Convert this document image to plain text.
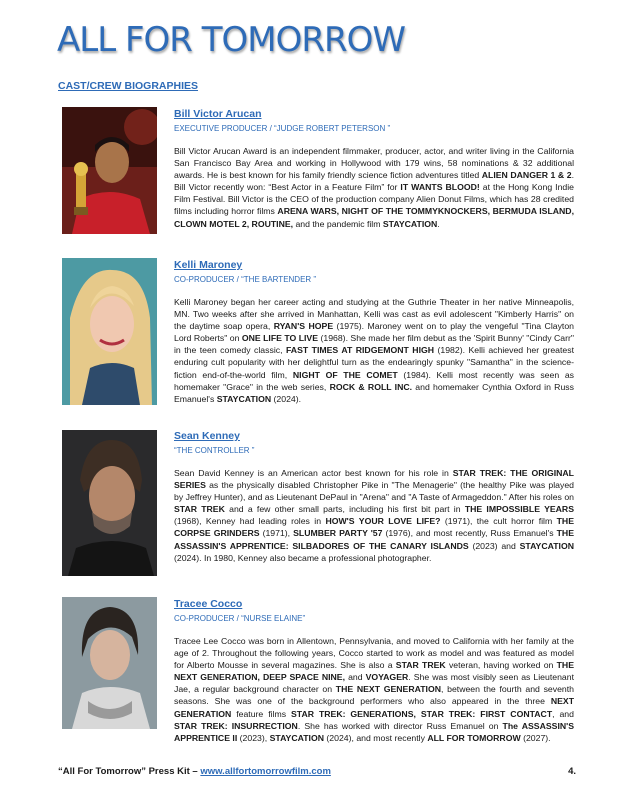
ALL FOR TOMORROW
CAST/CREW BIOGRAPHIES
Bill Victor Arucan
EXECUTIVE PRODUCER / “JUDGE ROBERT PETERSON ”
Bill Victor Arucan Award is an independent filmmaker, producer, actor, and writer living in the California San Francisco Bay Area and working in Hollywood with 179 wins, 58 nominations & 32 additional awards. He is best known for his family friendly science fiction adventures titled ALIEN DANGER 1 & 2. Bill Victor recently won: “Best Actor in a Feature Film” for IT WANTS BLOOD! at the Hong Kong Indie Film Festival. Bill Victor is the CEO of the production company Alien Donut Films, which has 28 credited films including horror films ARENA WARS, NIGHT OF THE TOMMYKNOCKERS, BERMUDA ISLAND, CLOWN MOTEL 2, ROUTINE, and the pandemic film STAYCATION.
Kelli Maroney
CO-PRODUCER / “THE BARTENDER ”
Kelli Maroney began her career acting and studying at the Guthrie Theater in her native Minneapolis, MN. Two weeks after she arrived in Manhattan, Kelli was cast as evil adolescent "Kimberly Harris" on the daytime soap opera, RYAN'S HOPE (1975). Maroney went on to play the vengeful "Tina Clayton Lord Roberts" on ONE LIFE TO LIVE (1968). She made her film debut as the 'Spirit Bunny' "Cindy Carr" in the teen comedy classic, FAST TIMES AT RIDGEMONT HIGH (1982). Kelli achieved her greatest enduring cult popularity with her delightful turn as the endearingly spunky "Samantha" in the science-fiction end-of-the-world film, NIGHT OF THE COMET (1984). Kelli most recently was seen as homemaker "Grace" in the web series, ROCK & ROLL INC. and homemaker Cynthia Oxford in Russ Emanuel's STAYCATION (2024).
Sean Kenney
“THE CONTROLLER ”
Sean David Kenney is an American actor best known for his role in STAR TREK: THE ORIGINAL SERIES as the physically disabled Christopher Pike in "The Menagerie" (the healthy Pike was played by Jeffrey Hunter), and as Lieutenant DePaul in "Arena" and "A Taste of Armageddon." After his roles on STAR TREK and a few other small parts, including his first bit part in THE IMPOSSIBLE YEARS (1968), Kenney had leading roles in HOW'S YOUR LOVE LIFE? (1971), the cult horror film THE CORPSE GRINDERS (1971), SLUMBER PARTY '57 (1976), and most recently, Russ Emanuel's THE ASSASSIN'S APPRENTICE: SILBADORES OF THE CANARY ISLANDS (2023) and STAYCATION (2024). In 1980, Kenney also became a professional photographer.
Tracee Cocco
CO-PRODUCER / “NURSE ELAINE”
Tracee Lee Cocco was born in Allentown, Pennsylvania, and moved to California with her family at the age of 2. Throughout the following years, Cocco started to work as model and was featured as model for Alberto Mousse in several magazines. She is also a STAR TREK veteran, having worked on THE NEXT GENERATION, DEEP SPACE NINE, and VOYAGER. She was most visibly seen as Lieutenant Jae, a regular background character on THE NEXT GENERATION, between the fourth and seventh seasons. She was one of the background performers who also appeared in the three NEXT GENERATION feature films STAR TREK: GENERATIONS, STAR TREK: FIRST CONTACT, and STAR TREK: INSURRECTION. She has worked with director Russ Emanuel on The ASSASSIN'S APPRENTICE II (2023), STAYCATION (2024), and most recently ALL FOR TOMORROW (2027).
“All For Tomorrow” Press Kit – www.allfortomorrowfilm.com	4.
